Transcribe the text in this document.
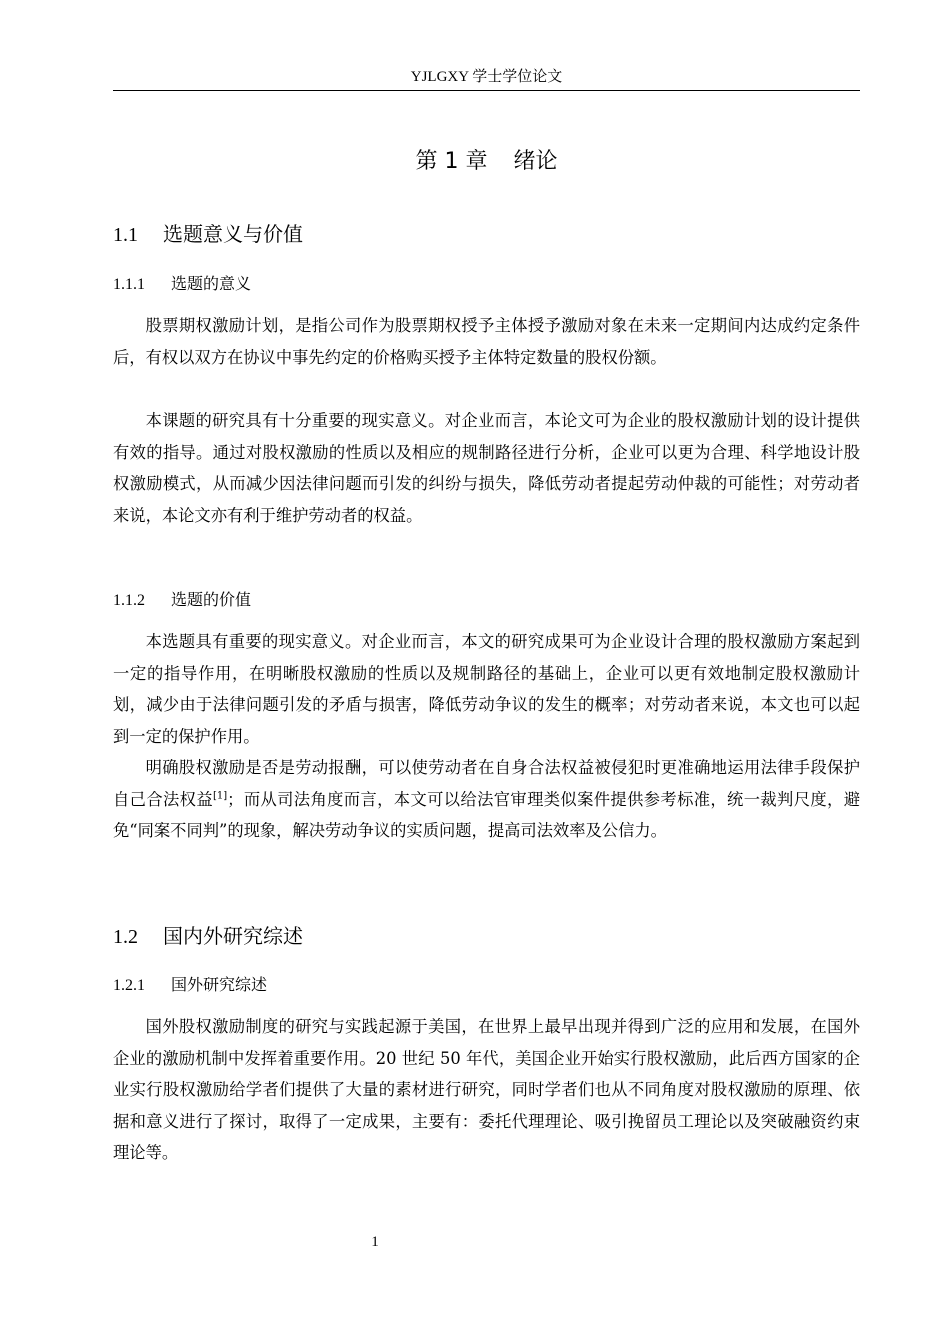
YJLGXY 学士学位论文
第 1 章 绪论
1.1 选题意义与价值
1.1.1 选题的意义

股票期权激励计划，是指公司作为股票期权授予主体授予激励对象在未来一定期间内达成约定条件后，有权以双方在协议中事先约定的价格购买授予主体特定数量的股权份额。

本课题的研究具有十分重要的现实意义。对企业而言，本论文可为企业的股权激励计划的设计提供有效的指导。通过对股权激励的性质以及相应的规制路径进行分析，企业可以更为合理、科学地设计股权激励模式，从而减少因法律问题而引发的纠纷与损失，降低劳动者提起劳动仲裁的可能性；对劳动者来说，本论文亦有利于维护劳动者的权益。

1.1.2 选题的价值

本选题具有重要的现实意义。对企业而言，本文的研究成果可为企业设计合理的股权激励方案起到一定的指导作用，在明晰股权激励的性质以及规制路径的基础上，企业可以更有效地制定股权激励计划，减少由于法律问题引发的矛盾与损害，降低劳动争议的发生的概率；对劳动者来说，本文也可以起到一定的保护作用。

明确股权激励是否是劳动报酬，可以使劳动者在自身合法权益被侵犯时更准确地运用法律手段保护自己合法权益[1]；而从司法角度而言，本文可以给法官审理类似案件提供参考标准，统一裁判尺度，避免“同案不同判”的现象，解决劳动争议的实质问题，提高司法效率及公信力。

1.2 国内外研究综述
1.2.1 国外研究综述

国外股权激励制度的研究与实践起源于美国，在世界上最早出现并得到广泛的应用和发展，在国外企业的激励机制中发挥着重要作用。20 世纪 50 年代，美国企业开始实行股权激励，此后西方国家的企业实行股权激励给学者们提供了大量的素材进行研究，同时学者们也从不同角度对股权激励的原理、依据和意义进行了探讨，取得了一定成果，主要有：委托代理理论、吸引挽留员工理论以及突破融资约束理论等。

1
